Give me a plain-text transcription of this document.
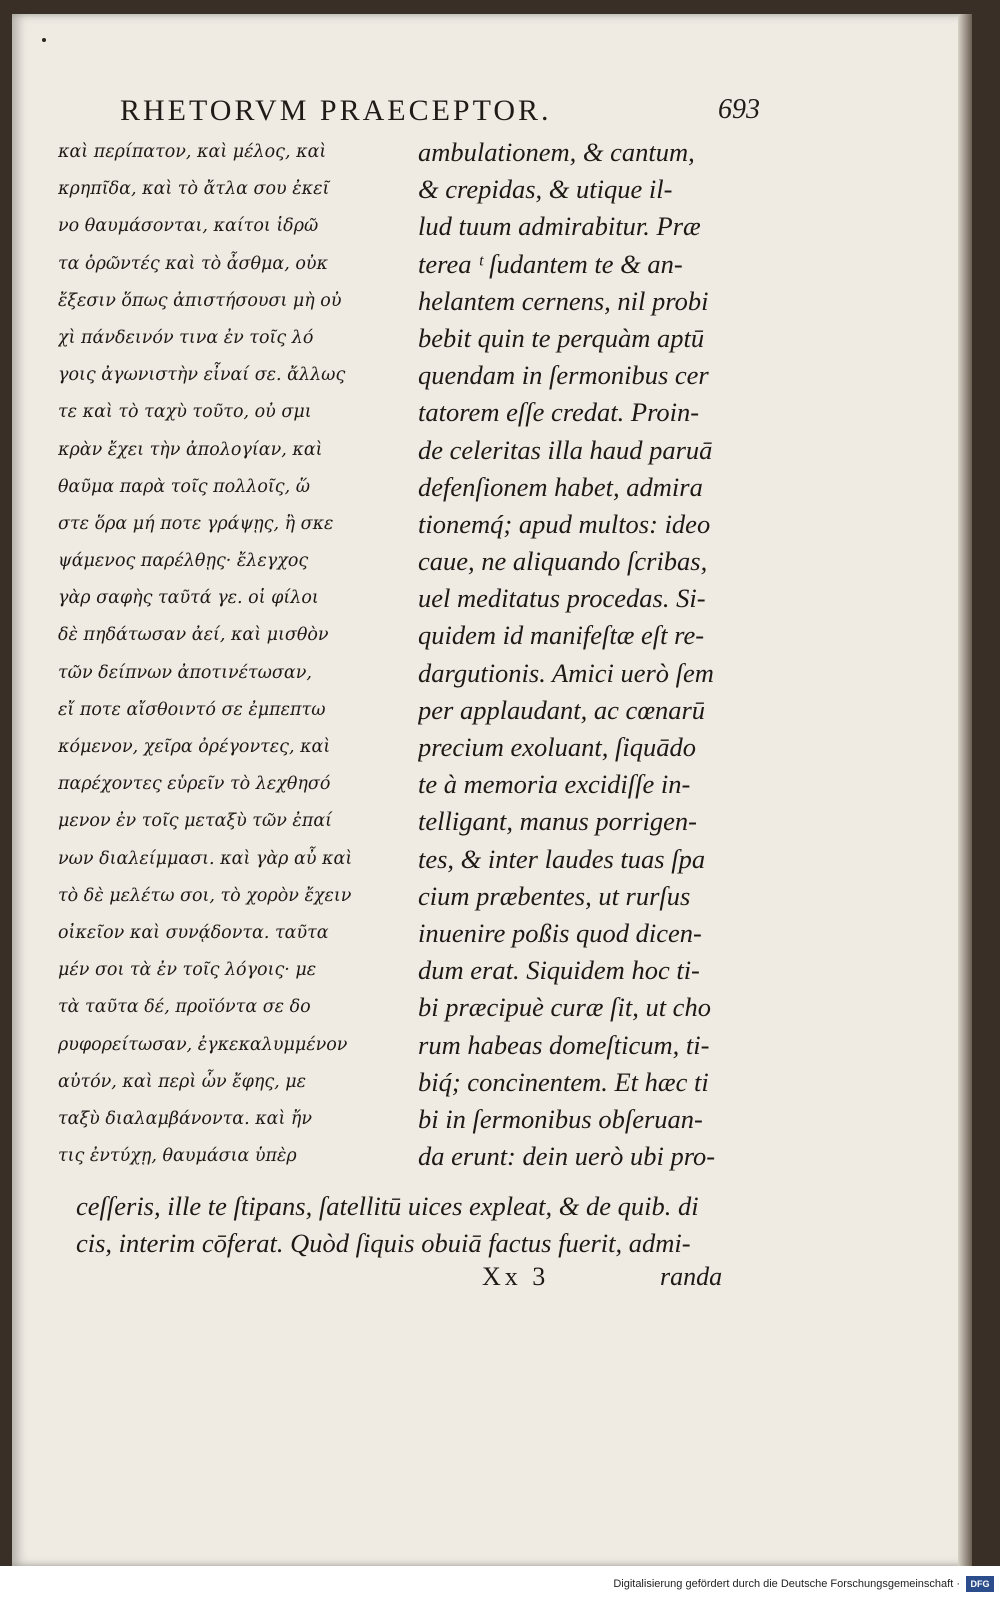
RHETORVM PRAECEPTOR.	693
καὶ περίπατον, καὶ μέλος, καὶ
κρηπῖδα, καὶ τὸ ἄτλα σου ἐκεῖ
νο θαυμάσονται, καίτοι ἱδρῶ
τα ὁρῶντές καὶ τὸ ἆσθμα, οὐκ
ἔξεσιν ὅπως ἀπιστήσουσι μὴ οὐ
χὶ πάνδεινόν τινα ἐν τοῖς λό
γοις ἀγωνιστὴν εἶναί σε. ἄλλως
τε καὶ τὸ ταχὺ τοῦτο, οὐ σμι
κρὰν ἔχει τὴν ἀπολογίαν, καὶ
θαῦμα παρὰ τοῖς πολλοῖς, ὥ
στε ὅρα μή ποτε γράψῃς, ἢ σκε
ψάμενος παρέλθῃς· ἔλεγχος
γὰρ σαφὴς ταῦτά γε. οἱ φίλοι
δὲ πηδάτωσαν ἀεί, καὶ μισθὸν
τῶν δείπνων ἀποτινέτωσαν,
εἴ ποτε αἴσθοιντό σε ἐμπεπτω
κόμενον, χεῖρα ὀρέγοντες, καὶ
παρέχοντες εὑρεῖν τὸ λεχθησό
μενον ἐν τοῖς μεταξὺ τῶν ἐπαί
νων διαλείμμασι. καὶ γὰρ αὖ καὶ
τὸ δὲ μελέτω σοι, τὸ χορὸν ἔχειν
οἰκεῖον καὶ συνᾴδοντα. ταῦτα
μέν σοι τὰ ἐν τοῖς λόγοις· με
τὰ ταῦτα δέ, προϊόντα σε δο
ρυφορείτωσαν, ἐγκεκαλυμμένον
αὐτόν, καὶ περὶ ὧν ἔφης, με
ταξὺ διαλαμβάνοντα. καὶ ἤν
τις ἐντύχῃ, θαυμάσια ὑπὲρ
ambulationem, & cantum,
& crepidas, & utique il-
lud tuum admirabitur. Præ
terea ᵗ ſudantem te & an-
helantem cernens, nil probi
bebit quin te perquàm aptū
quendam in ſermonibus cer
tatorem eſſe credat. Proin-
de celeritas illa haud paruā
defenſionem habet, admira
tionemq́; apud multos: ideo
caue, ne aliquando ſcribas,
uel meditatus procedas. Si-
quidem id manifeſtæ eſt re-
dargutionis. Amici uerò ſem
per applaudant, ac cœnarū
precium exoluant, ſiquādo
te à memoria excidiſſe in-
telligant, manus porrigen-
tes, & inter laudes tuas ſpa
cium præbentes, ut rurſus
inuenire poßis quod dicen-
dum erat. Siquidem hoc ti-
bi præcipuè curæ ſit, ut cho
rum habeas domeſticum, ti-
biq́; concinentem. Et hæc ti
bi in ſermonibus obſeruan-
da erunt: dein uerò ubi pro-
ceſſeris, ille te ſtipans, ſatellitū uices expleat, & de quib. di
cis, interim cōferat. Quòd ſiquis obuiā factus fuerit, admi-
Xx 3	randa
Digitalisierung gefördert durch die Deutsche Forschungsgemeinschaft ·	DFG
